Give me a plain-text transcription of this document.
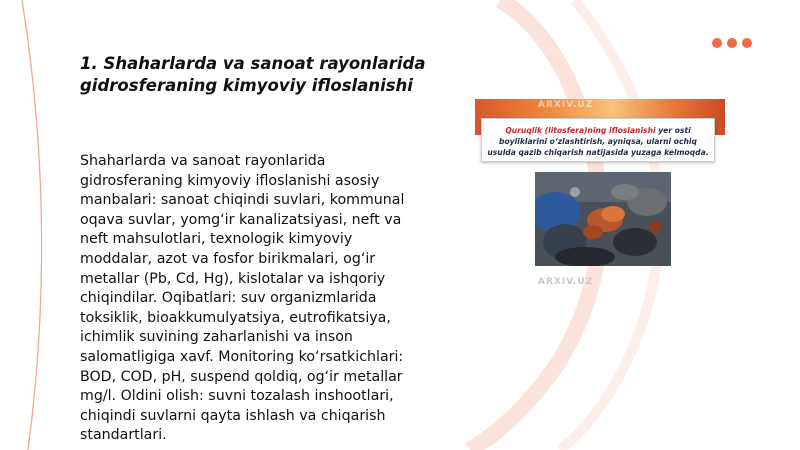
1. Shaharlarda va sanoat rayonlarida gidrosferaning kimyoviy ifloslanishi

Shaharlarda va sanoat rayonlarida gidrosferaning kimyoviy ifloslanishi asosiy manbalari: sanoat chiqindi suvlari, kommunal oqava suvlar, yomg‘ir kanalizatsiyasi, neft va neft mahsulotlari, texnologik kimyoviy moddalar, azot va fosfor birikmalari, og‘ir metallar (Pb, Cd, Hg), kislotalar va ishqoriy chiqindilar. Oqibatlari: suv organizmlarida toksiklik, bioakkumulyatsiya, eutrofikatsiya, ichimlik suvining zaharlanishi va inson salomatligiga xavf. Monitoring ko‘rsatkichlari: BOD, COD, pH, suspend qoldiq, og‘ir metallar mg/l. Oldini olish: suvni tozalash inshootlari, chiqindi suvlarni qayta ishlash va chiqarish standartlari.

ARXIV.UZ
Quruqlik (litosfera)ning ifloslanishi yer osti boyliklarini o‘zlashtirish, ayniqsa, ularni ochiq usulda qazib chiqarish natijasida yuzaga kelmoqda.
ARXIV.UZ
